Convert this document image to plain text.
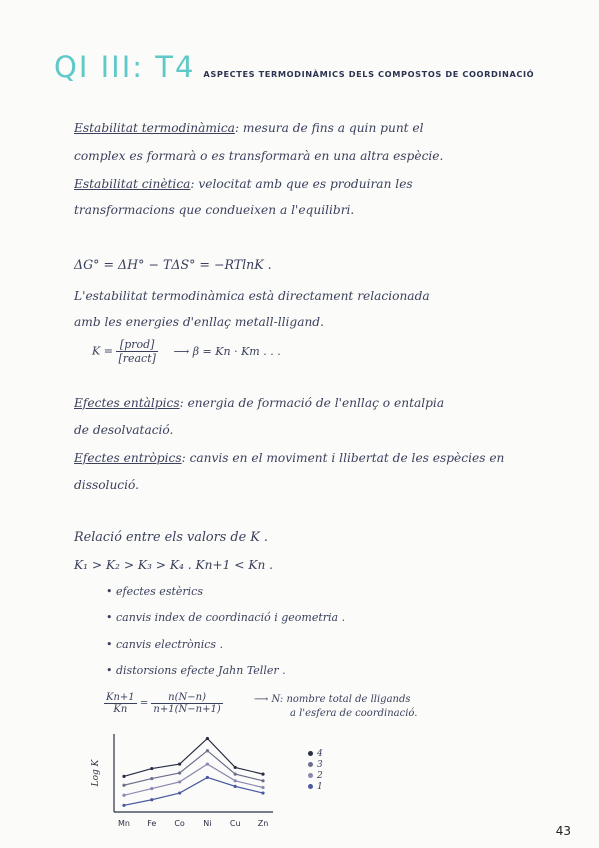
QI III: T4 ASPECTES TERMODINÀMICS DELS COMPOSTOS DE COORDINACIÓ
Estabilitat termodinàmica: mesura de fins a quin punt el
complex es formarà o es transformarà en una altra espècie.
Estabilitat cinètica: velocitat amb que es produiran les
transformacions que condueixen a l'equilibri.
ΔG° = ΔH° − TΔS° = −RTlnK .
L'estabilitat termodinàmica està directament relacionada
amb les energies d'enllaç metall-lligand.
$K = \frac{\text{[prod]}}{\text{[react]}}$ ⟶ β = Kn · Km . . .
Efectes entàlpics: energia de formació de l'enllaç o entalpia
de desolvatació.
Efectes entròpics: canvis en el moviment i llibertat de les espècies en
dissolució.
Relació entre els valors de K .
K₁ > K₂ > K₃ > K₄ . Kn+1 < Kn .
• efectes estèrics
• canvis index de coordinació i geometria .
• canvis electrònics .
• distorsions efecte Jahn Teller .
$\frac{Kn+1}{Kn} = \frac{n(N-n)}{n+1(N-n+1)}$	⟶ N: nombre total de lligands
a l'esfera de coordinació.
Log K
Mn Fe Co Ni Cu Zn
4
3
2
1
43
